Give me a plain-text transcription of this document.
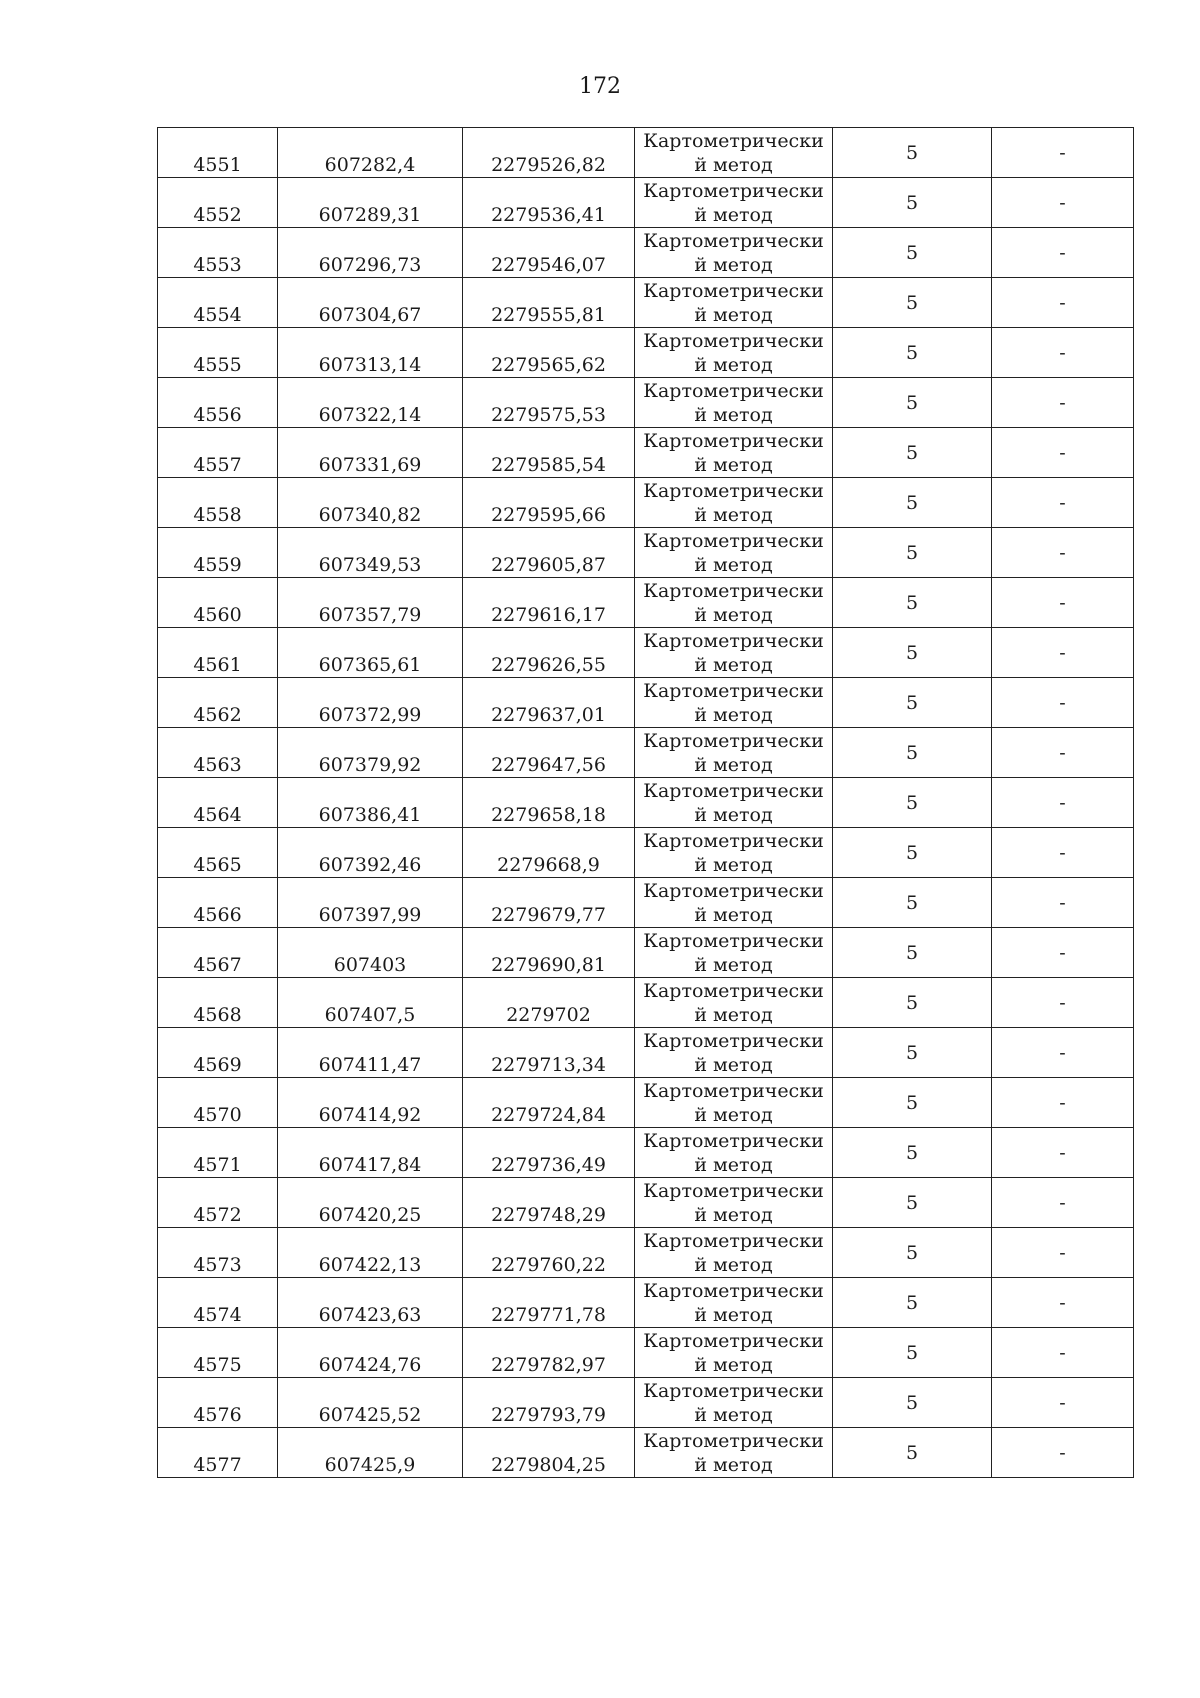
172
4551	607282,4	2279526,82	Картометрически й метод	5	-
4552	607289,31	2279536,41	Картометрически й метод	5	-
4553	607296,73	2279546,07	Картометрически й метод	5	-
4554	607304,67	2279555,81	Картометрически й метод	5	-
4555	607313,14	2279565,62	Картометрически й метод	5	-
4556	607322,14	2279575,53	Картометрически й метод	5	-
4557	607331,69	2279585,54	Картометрически й метод	5	-
4558	607340,82	2279595,66	Картометрически й метод	5	-
4559	607349,53	2279605,87	Картометрически й метод	5	-
4560	607357,79	2279616,17	Картометрически й метод	5	-
4561	607365,61	2279626,55	Картометрически й метод	5	-
4562	607372,99	2279637,01	Картометрически й метод	5	-
4563	607379,92	2279647,56	Картометрически й метод	5	-
4564	607386,41	2279658,18	Картометрически й метод	5	-
4565	607392,46	2279668,9	Картометрически й метод	5	-
4566	607397,99	2279679,77	Картометрически й метод	5	-
4567	607403	2279690,81	Картометрически й метод	5	-
4568	607407,5	2279702	Картометрически й метод	5	-
4569	607411,47	2279713,34	Картометрически й метод	5	-
4570	607414,92	2279724,84	Картометрически й метод	5	-
4571	607417,84	2279736,49	Картометрически й метод	5	-
4572	607420,25	2279748,29	Картометрически й метод	5	-
4573	607422,13	2279760,22	Картометрически й метод	5	-
4574	607423,63	2279771,78	Картометрически й метод	5	-
4575	607424,76	2279782,97	Картометрически й метод	5	-
4576	607425,52	2279793,79	Картометрически й метод	5	-
4577	607425,9	2279804,25	Картометрически й метод	5	-
